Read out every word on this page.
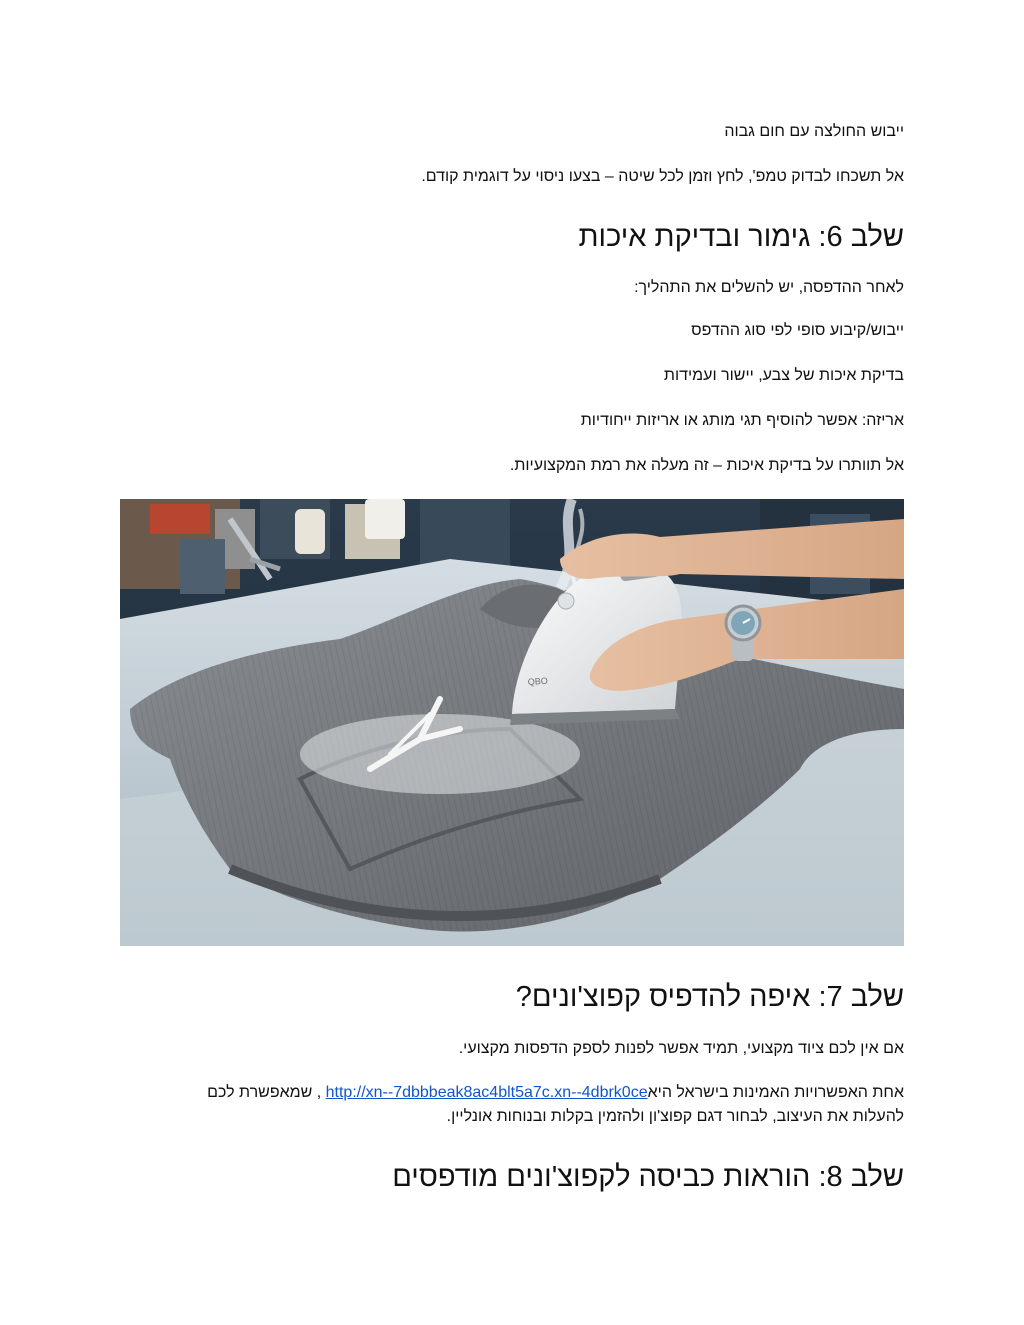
ייבוש החולצה עם חום גבוה
אל תשכחו לבדוק טמפ', לחץ וזמן לכל שיטה – בצעו ניסוי על דוגמית קודם.
שלב 6: גימור ובדיקת איכות
לאחר ההדפסה, יש להשלים את התהליך:
ייבוש/קיבוע סופי לפי סוג ההדפס
בדיקת איכות של צבע, יישור ועמידות
אריזה: אפשר להוסיף תגי מותג או אריזות ייחודיות
אל תוותרו על בדיקת איכות – זה מעלה את רמת המקצועיות.
QBO
שלב 7: איפה להדפיס קפוצ'ונים?
אם אין לכם ציוד מקצועי, תמיד אפשר לפנות לספק הדפסות מקצועי.
אחת האפשרויות האמינות בישראל היאhttp://xn--7dbbbeak8ac4blt5a7c.xn--4dbrk0ce , שמאפשרת לכם
להעלות את העיצוב, לבחור דגם קפוצ'ון ולהזמין בקלות ובנוחות אונליין.
שלב 8: הוראות כביסה לקפוצ'ונים מודפסים
